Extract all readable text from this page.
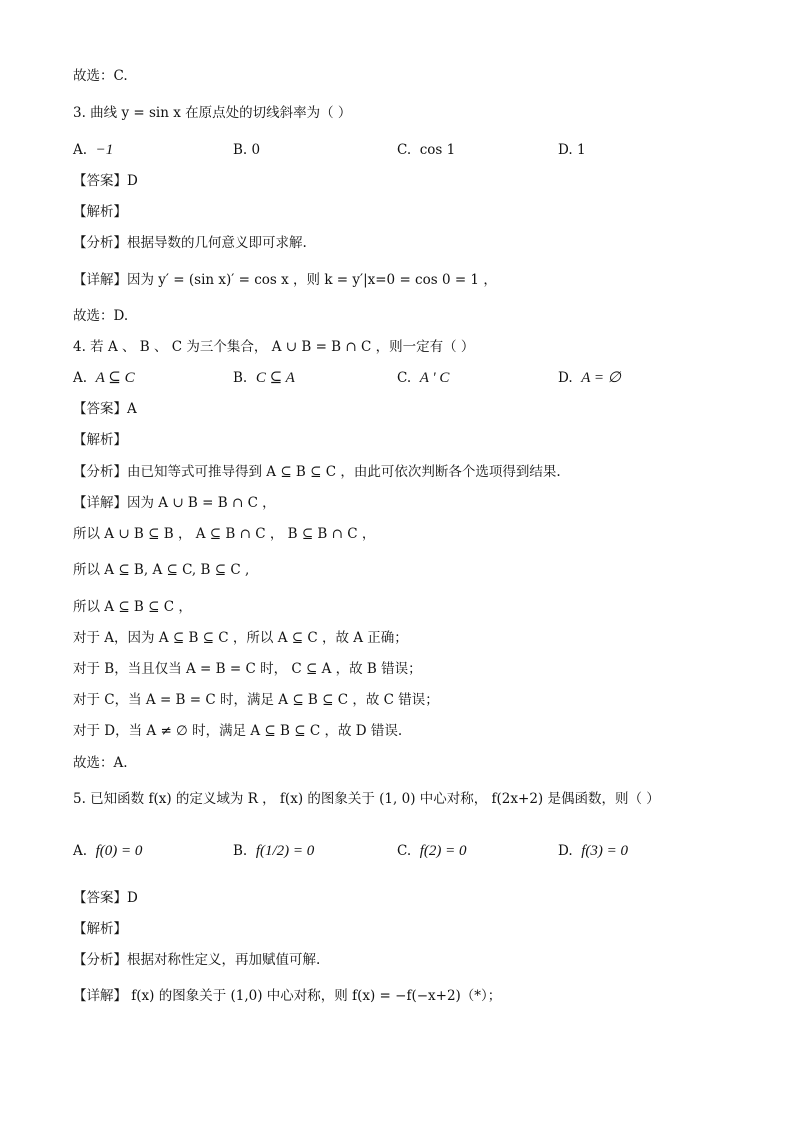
故选：C.
3. 曲线 y = sin x 在原点处的切线斜率为（ ）
A. −1	B. 0	C. cos 1	D. 1
【答案】D
【解析】
【分析】根据导数的几何意义即可求解.
【详解】因为 y′ = (sin x)′ = cos x ，则 k = y′|x=0 = cos 0 = 1 ，
故选：D.
4. 若 A 、 B 、 C 为三个集合， A ∪ B = B ∩ C ，则一定有（ ）
A. A ⊆ C	B. C ⊆ A	C. A ' C	D. A = ∅
【答案】A
【解析】
【分析】由已知等式可推导得到 A ⊆ B ⊆ C ，由此可依次判断各个选项得到结果.
【详解】因为 A ∪ B = B ∩ C ，
所以 A ∪ B ⊆ B ， A ⊆ B ∩ C ， B ⊆ B ∩ C ，
所以 A ⊆ B, A ⊆ C, B ⊆ C ,
所以 A ⊆ B ⊆ C ，
对于 A，因为 A ⊆ B ⊆ C ，所以 A ⊆ C ，故 A 正确；
对于 B，当且仅当 A = B = C 时， C ⊆ A ，故 B 错误；
对于 C，当 A = B = C 时，满足 A ⊆ B ⊆ C ，故 C 错误；
对于 D，当 A ≠ ∅ 时，满足 A ⊆ B ⊆ C ，故 D 错误.
故选：A.
5. 已知函数 f(x) 的定义域为 R ， f(x) 的图象关于 (1, 0) 中心对称， f(2x+2) 是偶函数，则（ ）
A. f(0) = 0	B. f(1/2) = 0	C. f(2) = 0	D. f(3) = 0
【答案】D
【解析】
【分析】根据对称性定义，再加赋值可解.
【详解】 f(x) 的图象关于 (1,0) 中心对称，则 f(x) = −f(−x+2)（*）；
